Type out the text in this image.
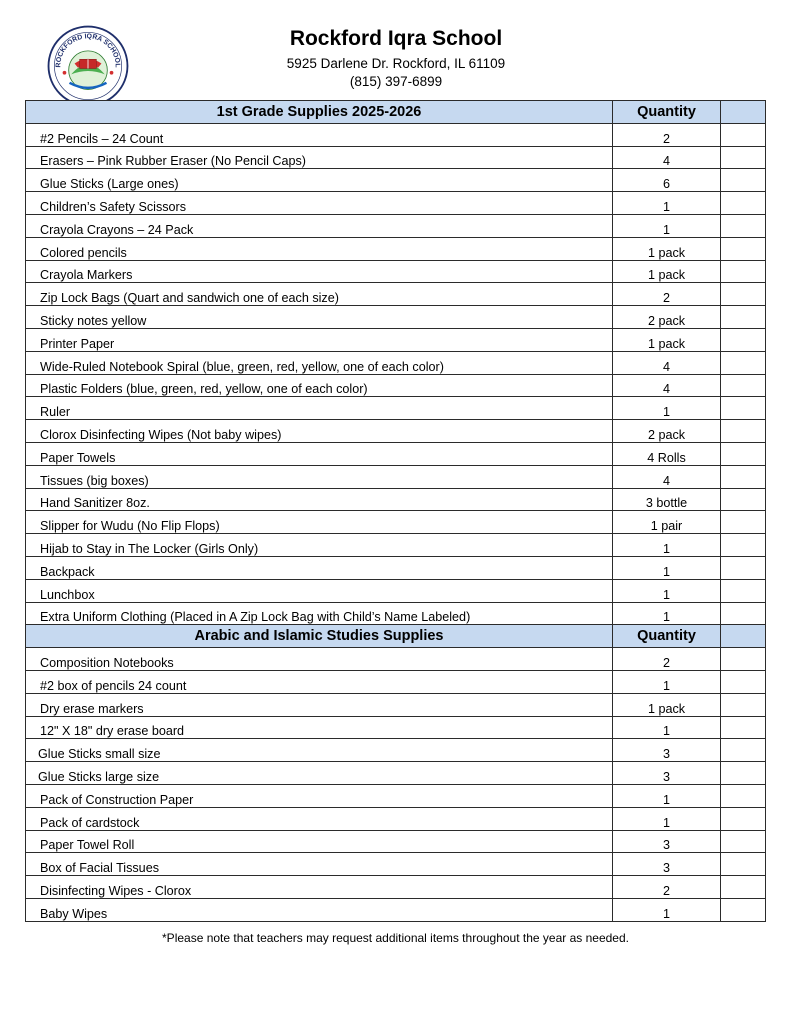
ROCKFORD IQRA SCHOOL
Rockford Iqra School
5925 Darlene Dr. Rockford, IL 61109
(815) 397-6899
1st Grade Supplies 2025-2026	Quantity	
#2 Pencils – 24 Count	2	
Erasers – Pink Rubber Eraser (No Pencil Caps)	4	
Glue Sticks (Large ones)	6	
Children’s Safety Scissors	1	
Crayola Crayons – 24 Pack	1	
Colored pencils	1 pack	
Crayola Markers	1 pack	
Zip Lock Bags (Quart and sandwich one of each size)	2	
Sticky notes yellow	2 pack	
Printer Paper	1 pack	
Wide-Ruled Notebook Spiral (blue, green, red, yellow, one of each color)	4	
Plastic Folders (blue, green, red, yellow, one of each color)	4	
Ruler	1	
Clorox Disinfecting Wipes (Not baby wipes)	2 pack	
Paper Towels	4 Rolls	
Tissues (big boxes)	4	
Hand Sanitizer 8oz.	3 bottle	
Slipper for Wudu (No Flip Flops)	1 pair	
Hijab to Stay in The Locker (Girls Only)	1	
Backpack	1	
Lunchbox	1	
Extra Uniform Clothing (Placed in A Zip Lock Bag with Child’s Name Labeled)	1	
Arabic and Islamic Studies Supplies	Quantity	
Composition Notebooks	2	
#2 box of pencils 24 count	1	
Dry erase markers	1 pack	
12" X 18" dry erase board	1	
Glue Sticks small size	3	
Glue Sticks large size	3	
Pack of Construction Paper	1	
Pack of cardstock	1	
Paper Towel Roll	3	
Box of Facial Tissues	3	
Disinfecting Wipes - Clorox	2	
Baby Wipes	1	
*Please note that teachers may request additional items throughout the year as needed.
